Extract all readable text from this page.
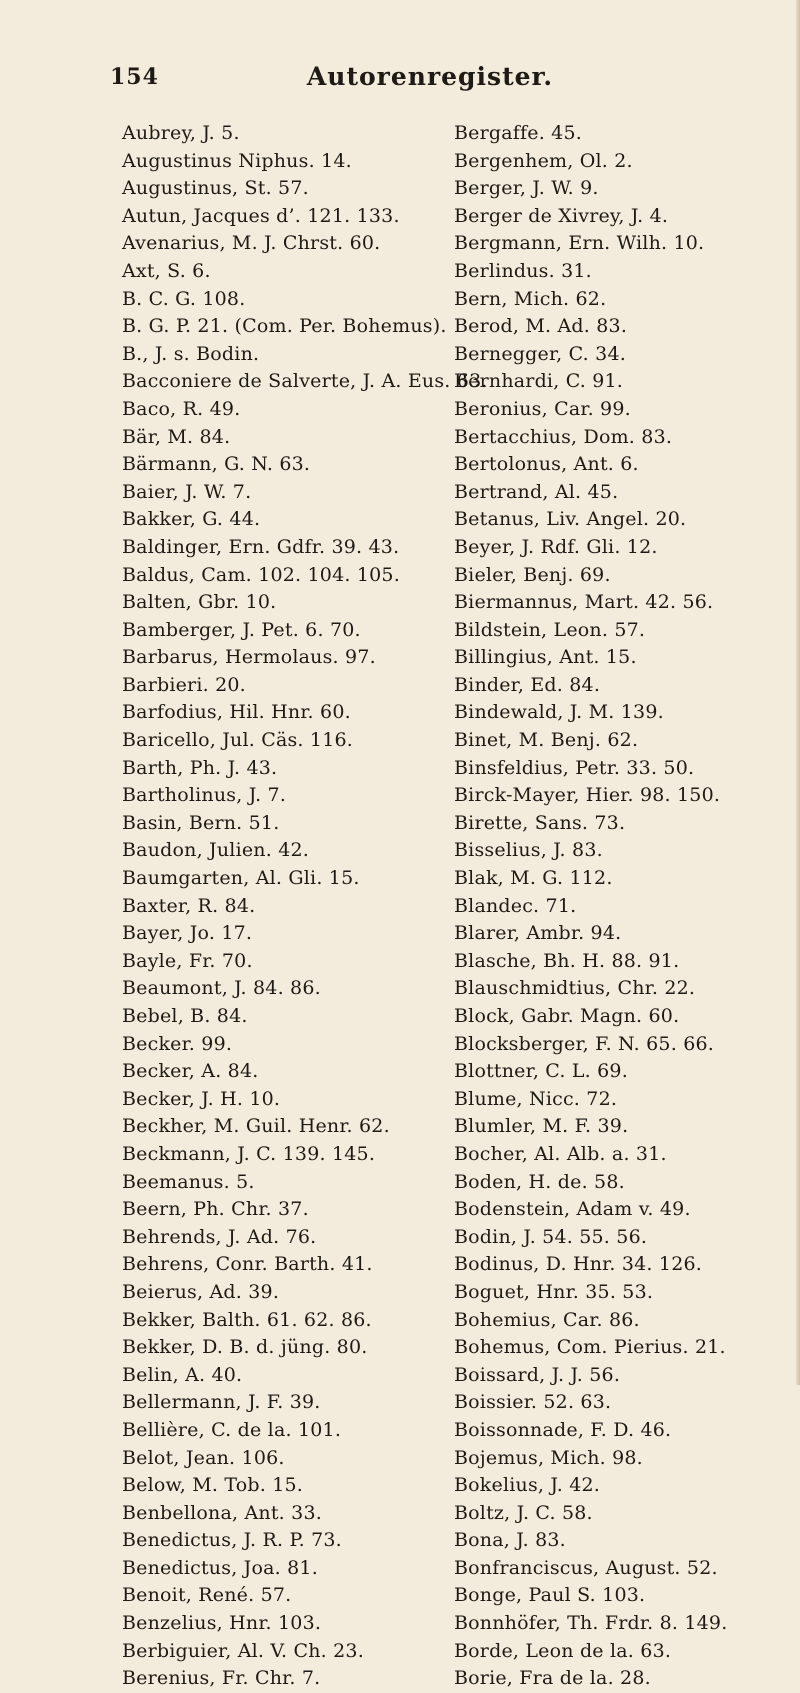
154	Autorenregister.
Aubrey, J. 5.
Augustinus Niphus. 14.
Augustinus, St. 57.
Autun, Jacques d’. 121. 133.
Avenarius, M. J. Chrst. 60.
Axt, S. 6.
B. C. G. 108.
B. G. P. 21. (Com. Per. Bohemus).
B., J. s. Bodin.
Bacconiere de Salverte, J. A. Eus. 63.
Baco, R. 49.
Bär, M. 84.
Bärmann, G. N. 63.
Baier, J. W. 7.
Bakker, G. 44.
Baldinger, Ern. Gdfr. 39. 43.
Baldus, Cam. 102. 104. 105.
Balten, Gbr. 10.
Bamberger, J. Pet. 6. 70.
Barbarus, Hermolaus. 97.
Barbieri. 20.
Barfodius, Hil. Hnr. 60.
Baricello, Jul. Cäs. 116.
Barth, Ph. J. 43.
Bartholinus, J. 7.
Basin, Bern. 51.
Baudon, Julien. 42.
Baumgarten, Al. Gli. 15.
Baxter, R. 84.
Bayer, Jo. 17.
Bayle, Fr. 70.
Beaumont, J. 84. 86.
Bebel, B. 84.
Becker. 99.
Becker, A. 84.
Becker, J. H. 10.
Beckher, M. Guil. Henr. 62.
Beckmann, J. C. 139. 145.
Beemanus. 5.
Beern, Ph. Chr. 37.
Behrends, J. Ad. 76.
Behrens, Conr. Barth. 41.
Beierus, Ad. 39.
Bekker, Balth. 61. 62. 86.
Bekker, D. B. d. jüng. 80.
Belin, A. 40.
Bellermann, J. F. 39.
Bellière, C. de la. 101.
Belot, Jean. 106.
Below, M. Tob. 15.
Benbellona, Ant. 33.
Benedictus, J. R. P. 73.
Benedictus, Joa. 81.
Benoit, René. 57.
Benzelius, Hnr. 103.
Berbiguier, Al. V. Ch. 23.
Berenius, Fr. Chr. 7.
Bergaffe. 45.
Bergenhem, Ol. 2.
Berger, J. W. 9.
Berger de Xivrey, J. 4.
Bergmann, Ern. Wilh. 10.
Berlindus. 31.
Bern, Mich. 62.
Berod, M. Ad. 83.
Bernegger, C. 34.
Bernhardi, C. 91.
Beronius, Car. 99.
Bertacchius, Dom. 83.
Bertolonus, Ant. 6.
Bertrand, Al. 45.
Betanus, Liv. Angel. 20.
Beyer, J. Rdf. Gli. 12.
Bieler, Benj. 69.
Biermannus, Mart. 42. 56.
Bildstein, Leon. 57.
Billingius, Ant. 15.
Binder, Ed. 84.
Bindewald, J. M. 139.
Binet, M. Benj. 62.
Binsfeldius, Petr. 33. 50.
Birck-Mayer, Hier. 98. 150.
Birette, Sans. 73.
Bisselius, J. 83.
Blak, M. G. 112.
Blandec. 71.
Blarer, Ambr. 94.
Blasche, Bh. H. 88. 91.
Blauschmidtius, Chr. 22.
Block, Gabr. Magn. 60.
Blocksberger, F. N. 65. 66.
Blottner, C. L. 69.
Blume, Nicc. 72.
Blumler, M. F. 39.
Bocher, Al. Alb. a. 31.
Boden, H. de. 58.
Bodenstein, Adam v. 49.
Bodin, J. 54. 55. 56.
Bodinus, D. Hnr. 34. 126.
Boguet, Hnr. 35. 53.
Bohemius, Car. 86.
Bohemus, Com. Pierius. 21.
Boissard, J. J. 56.
Boissier. 52. 63.
Boissonnade, F. D. 46.
Bojemus, Mich. 98.
Bokelius, J. 42.
Boltz, J. C. 58.
Bona, J. 83.
Bonfranciscus, August. 52.
Bonge, Paul S. 103.
Bonnhöfer, Th. Frdr. 8. 149.
Borde, Leon de la. 63.
Borie, Fra de la. 28.
